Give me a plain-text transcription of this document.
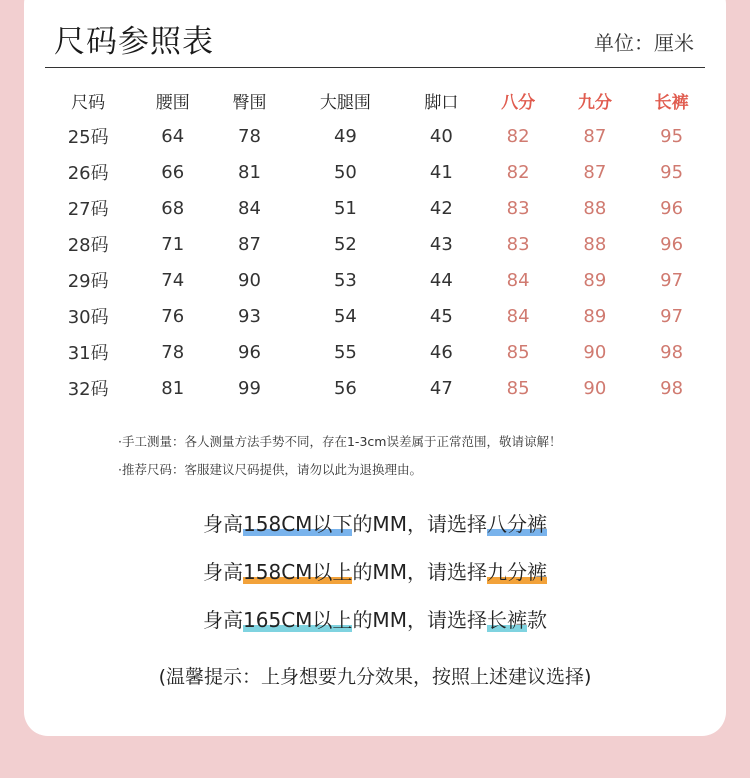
尺码参照表	单位：厘米
尺码	腰围	臀围	大腿围	脚口	八分	九分	长裤
25码	64	78	49	40	82	87	95
26码	66	81	50	41	82	87	95
27码	68	84	51	42	83	88	96
28码	71	87	52	43	83	88	96
29码	74	90	53	44	84	89	97
30码	76	93	54	45	84	89	97
31码	78	96	55	46	85	90	98
32码	81	99	56	47	85	90	98
·手工测量：各人测量方法手势不同，存在1-3cm误差属于正常范围，敬请谅解！
·推荐尺码：客服建议尺码提供，请勿以此为退换理由。
身高158CM以下的MM，请选择八分裤
身高158CM以上的MM，请选择九分裤
身高165CM以上的MM，请选择长裤款
(温馨提示：上身想要九分效果，按照上述建议选择)
